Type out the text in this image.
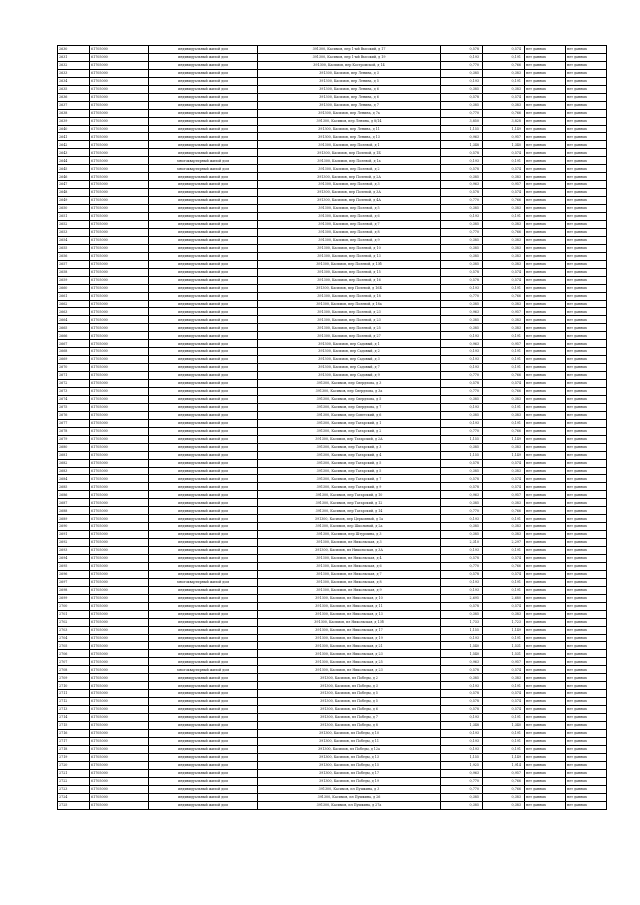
2630	61705000	индивидуальный жилой дом	391300, Касимов, пер 1-ый Высокий, д 17	0,578	0,574	нет данных	нет данных
2631	61705000	индивидуальный жилой дом	391300, Касимов, пер 1-ый Высокий, д 19	0,193	0,191	нет данных	нет данных
2632	61705000	индивидуальный жилой дом	391300, Касимов, пер Костромской, д 14	0,770	0,766	нет данных	нет данных
2633	61705000	индивидуальный жилой дом	391300, Касимов, пер Ленина, д 3	0,385	0,383	нет данных	нет данных
2634	61705000	индивидуальный жилой дом	391300, Касимов, пер Ленина, д 5	0,193	0,191	нет данных	нет данных
2635	61705000	индивидуальный жилой дом	391300, Касимов, пер Ленина, д 6	0,385	0,383	нет данных	нет данных
2636	61705000	индивидуальный жилой дом	391300, Касимов, пер Ленина, д 6	0,578	0,574	нет данных	нет данных
2637	61705000	индивидуальный жилой дом	391300, Касимов, пер Ленина, д 7	0,385	0,383	нет данных	нет данных
2638	61705000	индивидуальный жилой дом	391300, Касимов, пер Ленина, д 7а	0,770	0,766	нет данных	нет данных
2639	61705000	индивидуальный жилой дом	391300, Касимов, пер Ленина, д 8/14	3,850	3,828	нет данных	нет данных
2640	61705000	индивидуальный жилой дом	391300, Касимов, пер Ленина, д 11	1,155	1,149	нет данных	нет данных
2641	61705000	индивидуальный жилой дом	391300, Касимов, пер Ленина, д 13	0,963	0,957	нет данных	нет данных
2642	61705000	индивидуальный жилой дом	391300, Касимов, пер Полевой, д 1	1,348	1,340	нет данных	нет данных
2643	61705000	индивидуальный жилой дом	391300, Касимов, пер Полевой, д 1Б	0,578	0,574	нет данных	нет данных
2644	61705000	многоквартирный жилой дом	391300, Касимов, пер Полевой, д 1а	0,193	0,191	нет данных	нет данных
2645	61705000	многоквартирный жилой дом	391300, Касимов, пер Полевой, д 2	0,578	0,574	нет данных	нет данных
2646	61705000	индивидуальный жилой дом	391300, Касимов, пер Полевой, д 2А	0,385	0,383	нет данных	нет данных
2647	61705000	индивидуальный жилой дом	391300, Касимов, пер Полевой, д 3	0,963	0,957	нет данных	нет данных
2648	61705000	индивидуальный жилой дом	391300, Касимов, пер Полевой, д 3А	0,578	0,574	нет данных	нет данных
2649	61705000	индивидуальный жилой дом	391300, Касимов, пер Полевой, д 4А	0,770	0,766	нет данных	нет данных
2650	61705000	индивидуальный жилой дом	391300, Касимов, пер Полевой, д 5	0,385	0,383	нет данных	нет данных
2651	61705000	индивидуальный жилой дом	391300, Касимов, пер Полевой, д 6	0,193	0,191	нет данных	нет данных
2652	61705000	индивидуальный жилой дом	391300, Касимов, пер Полевой, д 7	0,385	0,383	нет данных	нет данных
2653	61705000	индивидуальный жилой дом	391300, Касимов, пер Полевой, д 8	0,770	0,766	нет данных	нет данных
2654	61705000	индивидуальный жилой дом	391300, Касимов, пер Полевой, д 9	0,385	0,383	нет данных	нет данных
2655	61705000	индивидуальный жилой дом	391300, Касимов, пер Полевой, д 10	0,385	0,383	нет данных	нет данных
2656	61705000	индивидуальный жилой дом	391300, Касимов, пер Полевой, д 13	0,385	0,383	нет данных	нет данных
2657	61705000	индивидуальный жилой дом	391300, Касимов, пер Полевой, д 13б	0,385	0,383	нет данных	нет данных
2658	61705000	индивидуальный жилой дом	391300, Касимов, пер Полевой, д 15	0,578	0,574	нет данных	нет данных
2659	61705000	индивидуальный жилой дом	391300, Касимов, пер Полевой, д 16	0,578	0,574	нет данных	нет данных
2660	61705000	индивидуальный жилой дом	391300, Касимов, пер Полевой, д 16Б	0,193	0,191	нет данных	нет данных
2661	61705000	индивидуальный жилой дом	391300, Касимов, пер Полевой, д 18	0,770	0,766	нет данных	нет данных
2662	61705000	индивидуальный жилой дом	391300, Касимов, пер Полевой, д 18а	0,385	0,383	нет данных	нет данных
2663	61705000	индивидуальный жилой дом	391300, Касимов, пер Полевой, д 23	0,963	0,957	нет данных	нет данных
2664	61705000	индивидуальный жилой дом	391300, Касимов, пер Полевой, д 23	0,385	0,383	нет данных	нет данных
2665	61705000	индивидуальный жилой дом	391300, Касимов, пер Полевой, д 25	0,385	0,383	нет данных	нет данных
2666	61705000	индивидуальный жилой дом	391300, Касимов, пер Полевой, д 27	0,193	0,191	нет данных	нет данных
2667	61705000	индивидуальный жилой дом	391300, Касимов, пер Садовый, д 1	0,963	0,957	нет данных	нет данных
2668	61705000	индивидуальный жилой дом	391300, Касимов, пер Садовый, д 2	0,193	0,191	нет данных	нет данных
2669	61705000	индивидуальный жилой дом	391300, Касимов, пер Садовый, д 3	0,193	0,191	нет данных	нет данных
2670	61705000	индивидуальный жилой дом	391300, Касимов, пер Садовый, д 7	0,193	0,191	нет данных	нет данных
2671	61705000	индивидуальный жилой дом	391300, Касимов, пер Садовый, д 9	0,770	0,766	нет данных	нет данных
2672	61705000	индивидуальный жилой дом	391300, Касимов, пер Свердлова, д 3	0,578	0,574	нет данных	нет данных
2673	61705000	индивидуальный жилой дом	391300, Касимов, пер Свердлова, д 3а	0,770	0,766	нет данных	нет данных
2674	61705000	индивидуальный жилой дом	391300, Касимов, пер Свердлова, д 5	0,385	0,383	нет данных	нет данных
2675	61705000	индивидуальный жилой дом	391300, Касимов, пер Свердлова, д 7	0,193	0,191	нет данных	нет данных
2676	61705000	индивидуальный жилой дом	391300, Касимов, пер Советский, д 6	0,385	0,383	нет данных	нет данных
2677	61705000	индивидуальный жилой дом	391300, Касимов, пер Татарский, д 1	0,193	0,191	нет данных	нет данных
2678	61705000	индивидуальный жилой дом	391300, Касимов, пер Татарский, д 2	0,770	0,766	нет данных	нет данных
2679	61705000	индивидуальный жилой дом	391300, Касимов, пер Татарский, д 2А	1,155	1,149	нет данных	нет данных
2680	61705000	индивидуальный жилой дом	391300, Касимов, пер Татарский, д 3	0,385	0,383	нет данных	нет данных
2681	61705000	индивидуальный жилой дом	391300, Касимов, пер Татарский, д 4	1,155	1,149	нет данных	нет данных
2682	61705000	индивидуальный жилой дом	391300, Касимов, пер Татарский, д 5	0,578	0,574	нет данных	нет данных
2683	61705000	индивидуальный жилой дом	391300, Касимов, пер Татарский, д 5	0,385	0,383	нет данных	нет данных
2684	61705000	индивидуальный жилой дом	391300, Касимов, пер Татарский, д 7	0,578	0,574	нет данных	нет данных
2685	61705000	индивидуальный жилой дом	391300, Касимов, пер Татарский, д 9	0,578	0,574	нет данных	нет данных
2686	61705000	индивидуальный жилой дом	391300, Касимов, пер Татарский, д 10	0,963	0,957	нет данных	нет данных
2687	61705000	индивидуальный жилой дом	391300, Касимов, пер Татарский, д 12	0,385	0,383	нет данных	нет данных
2688	61705000	индивидуальный жилой дом	391300, Касимов, пер Татарский, д 14	0,770	0,766	нет данных	нет данных
2689	61705000	индивидуальный жилой дом	391300, Касимов, пер Церковный, д 1а	0,193	0,191	нет данных	нет данных
2690	61705000	индивидуальный жилой дом	391300, Касимов, пер Школьный, д 2а	0,385	0,383	нет данных	нет данных
2691	61705000	индивидуальный жилой дом	391300, Касимов, пер Штурмина, д 3	0,385	0,383	нет данных	нет данных
2692	61705000	индивидуальный жилой дом	391300, Касимов, пл Никольская, д 3	2,310	2,297	нет данных	нет данных
2693	61705000	индивидуальный жилой дом	391300, Касимов, пл Никольская, д 3А	0,193	0,191	нет данных	нет данных
2694	61705000	индивидуальный жилой дом	391300, Касимов, пл Никольская, д 4	0,578	0,574	нет данных	нет данных
2695	61705000	индивидуальный жилой дом	391300, Касимов, пл Никольская, д 6	0,770	0,766	нет данных	нет данных
2696	61705000	индивидуальный жилой дом	391300, Касимов, пл Никольская, д 7	0,578	0,574	нет данных	нет данных
2697	61705000	многоквартирный жилой дом	391300, Касимов, пл Никольская, д 8	0,193	0,191	нет данных	нет данных
2698	61705000	индивидуальный жилой дом	391300, Касимов, пл Никольская, д 9	0,193	0,191	нет данных	нет данных
2699	61705000	индивидуальный жилой дом	391300, Касимов, пл Никольская, д 10	2,695	2,680	нет данных	нет данных
2700	61705000	индивидуальный жилой дом	391300, Касимов, пл Никольская, д 11	0,578	0,574	нет данных	нет данных
2701	61705000	индивидуальный жилой дом	391300, Касимов, пл Никольская, д 13	0,385	0,383	нет данных	нет данных
2702	61705000	индивидуальный жилой дом	391300, Касимов, пл Никольская, д 13б	1,733	1,723	нет данных	нет данных
2703	61705000	индивидуальный жилой дом	391300, Касимов, пл Никольская, д 17	1,155	1,149	нет данных	нет данных
2704	61705000	индивидуальный жилой дом	391300, Касимов, пл Никольская, д 19	0,193	0,191	нет данных	нет данных
2705	61705000	индивидуальный жилой дом	391300, Касимов, пл Никольская, д 21	1,540	1,531	нет данных	нет данных
2706	61705000	индивидуальный жилой дом	391300, Касимов, пл Никольская, д 23	1,540	1,531	нет данных	нет данных
2707	61705000	индивидуальный жилой дом	391300, Касимов, пл Никольская, д 25	0,963	0,957	нет данных	нет данных
2708	61705000	многоквартирный жилой дом	391300, Касимов, пл Никольская, д 23	0,578	0,574	нет данных	нет данных
2709	61705000	индивидуальный жилой дом	391300, Касимов, пл Победы, д 2	0,385	0,383	нет данных	нет данных
2710	61705000	индивидуальный жилой дом	391300, Касимов, пл Победы, д 3	0,193	0,191	нет данных	нет данных
2711	61705000	индивидуальный жилой дом	391300, Касимов, пл Победы, д 5	0,578	0,574	нет данных	нет данных
2712	61705000	индивидуальный жилой дом	391300, Касимов, пл Победы, д 5	0,578	0,574	нет данных	нет данных
2713	61705000	индивидуальный жилой дом	391300, Касимов, пл Победы, д 6	0,578	0,574	нет данных	нет данных
2714	61705000	индивидуальный жилой дом	391300, Касимов, пл Победы, д 7	0,193	0,191	нет данных	нет данных
2715	61705000	индивидуальный жилой дом	391300, Касимов, пл Победы, д 8	1,348	1,340	нет данных	нет данных
2716	61705000	индивидуальный жилой дом	391300, Касимов, пл Победы, д 10	0,193	0,191	нет данных	нет данных
2717	61705000	индивидуальный жилой дом	391300, Касимов, пл Победы, д 11	0,193	0,191	нет данных	нет данных
2718	61705000	индивидуальный жилой дом	391300, Касимов, пл Победы, д 12а	0,193	0,191	нет данных	нет данных
2719	61705000	индивидуальный жилой дом	391300, Касимов, пл Победы, д 13	1,155	1,149	нет данных	нет данных
2720	61705000	индивидуальный жилой дом	391300, Касимов, пл Победы, д 15	1,925	1,914	нет данных	нет данных
2721	61705000	индивидуальный жилой дом	391300, Касимов, пл Победы, д 17	0,963	0,957	нет данных	нет данных
2722	61705000	индивидуальный жилой дом	391300, Касимов, пл Победы, д 19	0,770	0,766	нет данных	нет данных
2723	61705000	индивидуальный жилой дом	391300, Касимов, пл Пушкина, д 3	0,770	0,766	нет данных	нет данных
2724	61705000	индивидуальный жилой дом	391300, Касимов, пл Пушкина, д 26	0,385	0,383	нет данных	нет данных
2725	61705000	индивидуальный жилой дом	391300, Касимов, пл Пушкина, д 27а	0,385	0,383	нет данных	нет данных
